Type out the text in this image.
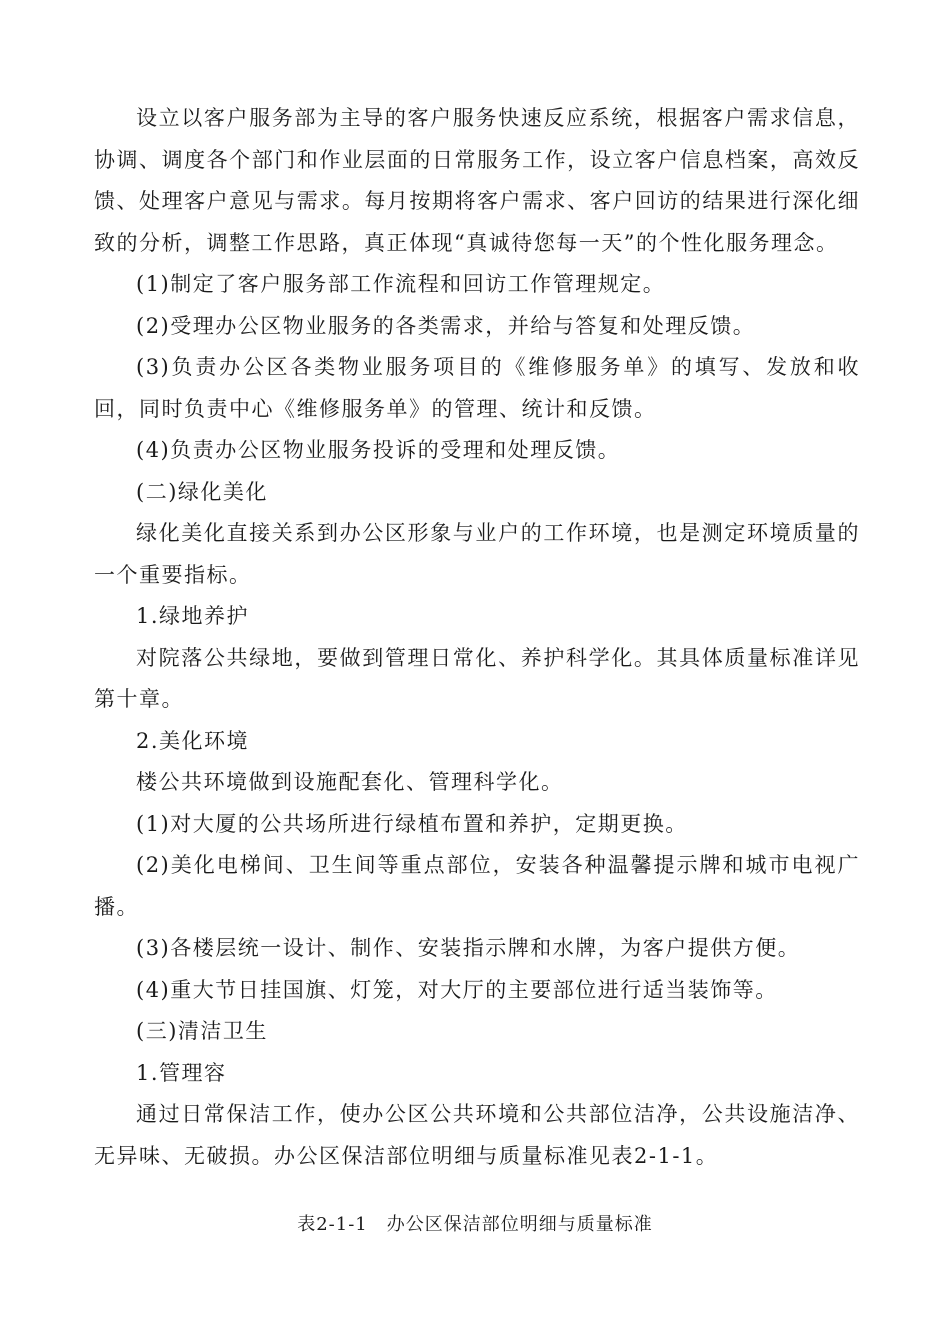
设立以客户服务部为主导的客户服务快速反应系统，根据客户需求信息，协调、调度各个部门和作业层面的日常服务工作，设立客户信息档案，高效反馈、处理客户意见与需求。每月按期将客户需求、客户回访的结果进行深化细致的分析，调整工作思路，真正体现“真诚待您每一天”的个性化服务理念。

(1)制定了客户服务部工作流程和回访工作管理规定。

(2)受理办公区物业服务的各类需求，并给与答复和处理反馈。

(3)负责办公区各类物业服务项目的《维修服务单》的填写、发放和收回，同时负责中心《维修服务单》的管理、统计和反馈。

(4)负责办公区物业服务投诉的受理和处理反馈。

(二)绿化美化

绿化美化直接关系到办公区形象与业户的工作环境，也是测定环境质量的一个重要指标。

1.绿地养护

对院落公共绿地，要做到管理日常化、养护科学化。其具体质量标准详见第十章。

2.美化环境

楼公共环境做到设施配套化、管理科学化。

(1)对大厦的公共场所进行绿植布置和养护，定期更换。

(2)美化电梯间、卫生间等重点部位，安装各种温馨提示牌和城市电视广播。

(3)各楼层统一设计、制作、安装指示牌和水牌，为客户提供方便。

(4)重大节日挂国旗、灯笼，对大厅的主要部位进行适当装饰等。

(三)清洁卫生

1.管理容

通过日常保洁工作，使办公区公共环境和公共部位洁净，公共设施洁净、无异味、无破损。办公区保洁部位明细与质量标准见表2-1-1。

表2-1-1　办公区保洁部位明细与质量标准
